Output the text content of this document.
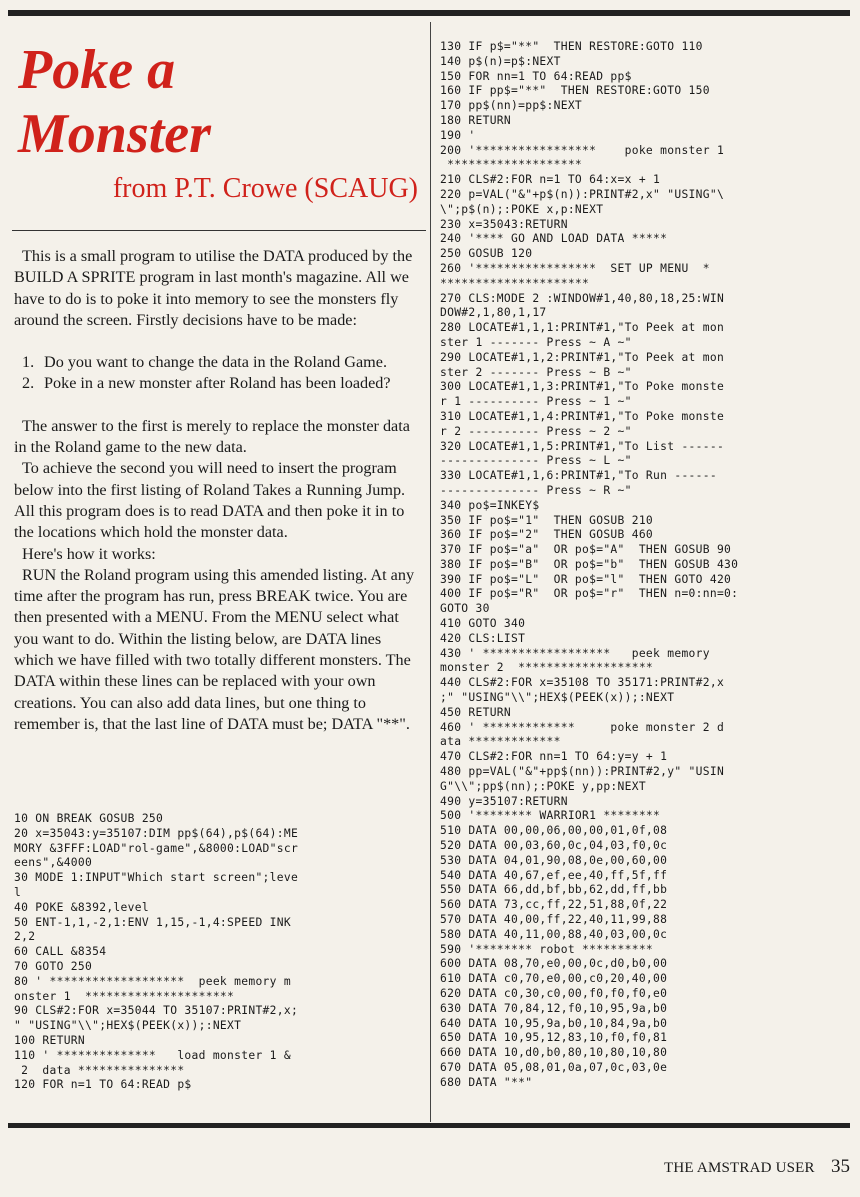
Poke a
Monster
from P.T. Crowe (SCAUG)

This is a small program to utilise the DATA produced by the BUILD A SPRITE program in last month's magazine. All we have to do is to poke it into memory to see the monsters fly around the screen. Firstly decisions have to be made:

1. Do you want to change the data in the Roland Game.
2. Poke in a new monster after Roland has been loaded?

The answer to the first is merely to replace the monster data in the Roland game to the new data.

To achieve the second you will need to insert the program below into the first listing of Roland Takes a Running Jump. All this program does is to read DATA and then poke it in to the locations which hold the monster data.

Here's how it works:

RUN the Roland program using this amended listing. At any time after the program has run, press BREAK twice. You are then presented with a MENU. From the MENU select what you want to do. Within the listing below, are DATA lines which we have filled with two totally different monsters. The DATA within these lines can be replaced with your own creations. You can also add data lines, but one thing to remember is, that the last line of DATA must be; DATA "**".

10 ON BREAK GOSUB 250
20 x=35043:y=35107:DIM pp$(64),p$(64):ME
MORY &3FFF:LOAD"rol-game",&8000:LOAD"scr
eens",&4000
30 MODE 1:INPUT"Which start screen";leve
l
40 POKE &8392,level
50 ENT-1,1,-2,1:ENV 1,15,-1,4:SPEED INK
2,2
60 CALL &8354
70 GOTO 250
80 ' *******************  peek memory m
onster 1  *********************
90 CLS#2:FOR x=35044 TO 35107:PRINT#2,x;
" "USING"\\";HEX$(PEEK(x));:NEXT
100 RETURN
110 ' **************   load monster 1 &
2  data ***************
120 FOR n=1 TO 64:READ p$
130 IF p$="**"  THEN RESTORE:GOTO 110
140 p$(n)=p$:NEXT
150 FOR nn=1 TO 64:READ pp$
160 IF pp$="**"  THEN RESTORE:GOTO 150
170 pp$(nn)=pp$:NEXT
180 RETURN
190 '
200 '*****************    poke monster 1
*******************
210 CLS#2:FOR n=1 TO 64:x=x + 1
220 p=VAL("&"+p$(n)):PRINT#2,x" "USING"\
\";p$(n);:POKE x,p:NEXT
230 x=35043:RETURN
240 '**** GO AND LOAD DATA *****
250 GOSUB 120
260 '*****************  SET UP MENU  *
*********************
270 CLS:MODE 2 :WINDOW#1,40,80,18,25:WIN
DOW#2,1,80,1,17
280 LOCATE#1,1,1:PRINT#1,"To Peek at mon
ster 1 ------- Press ~ A ~"
290 LOCATE#1,1,2:PRINT#1,"To Peek at mon
ster 2 ------- Press ~ B ~"
300 LOCATE#1,1,3:PRINT#1,"To Poke monste
r 1 ---------- Press ~ 1 ~"
310 LOCATE#1,1,4:PRINT#1,"To Poke monste
r 2 ---------- Press ~ 2 ~"
320 LOCATE#1,1,5:PRINT#1,"To List ------
-------------- Press ~ L ~"
330 LOCATE#1,1,6:PRINT#1,"To Run ------
-------------- Press ~ R ~"
340 po$=INKEY$
350 IF po$="1"  THEN GOSUB 210
360 IF po$="2"  THEN GOSUB 460
370 IF po$="a"  OR po$="A"  THEN GOSUB 90
380 IF po$="B"  OR po$="b"  THEN GOSUB 430
390 IF po$="L"  OR po$="l"  THEN GOTO 420
400 IF po$="R"  OR po$="r"  THEN n=0:nn=0:
GOTO 30
410 GOTO 340
420 CLS:LIST
430 ' ******************   peek memory
monster 2  *******************
440 CLS#2:FOR x=35108 TO 35171:PRINT#2,x
;" "USING"\\";HEX$(PEEK(x));:NEXT
450 RETURN
460 ' *************     poke monster 2 d
ata *************
470 CLS#2:FOR nn=1 TO 64:y=y + 1
480 pp=VAL("&"+pp$(nn)):PRINT#2,y" "USIN
G"\\";pp$(nn);:POKE y,pp:NEXT
490 y=35107:RETURN
500 '******** WARRIOR1 ********
510 DATA 00,00,06,00,00,01,0f,08
520 DATA 00,03,60,0c,04,03,f0,0c
530 DATA 04,01,90,08,0e,00,60,00
540 DATA 40,67,ef,ee,40,ff,5f,ff
550 DATA 66,dd,bf,bb,62,dd,ff,bb
560 DATA 73,cc,ff,22,51,88,0f,22
570 DATA 40,00,ff,22,40,11,99,88
580 DATA 40,11,00,88,40,03,00,0c
590 '******** robot **********
600 DATA 08,70,e0,00,0c,d0,b0,00
610 DATA c0,70,e0,00,c0,20,40,00
620 DATA c0,30,c0,00,f0,f0,f0,e0
630 DATA 70,84,12,f0,10,95,9a,b0
640 DATA 10,95,9a,b0,10,84,9a,b0
650 DATA 10,95,12,83,10,f0,f0,81
660 DATA 10,d0,b0,80,10,80,10,80
670 DATA 05,08,01,0a,07,0c,03,0e
680 DATA "**"
THE AMSTRAD USER 35
